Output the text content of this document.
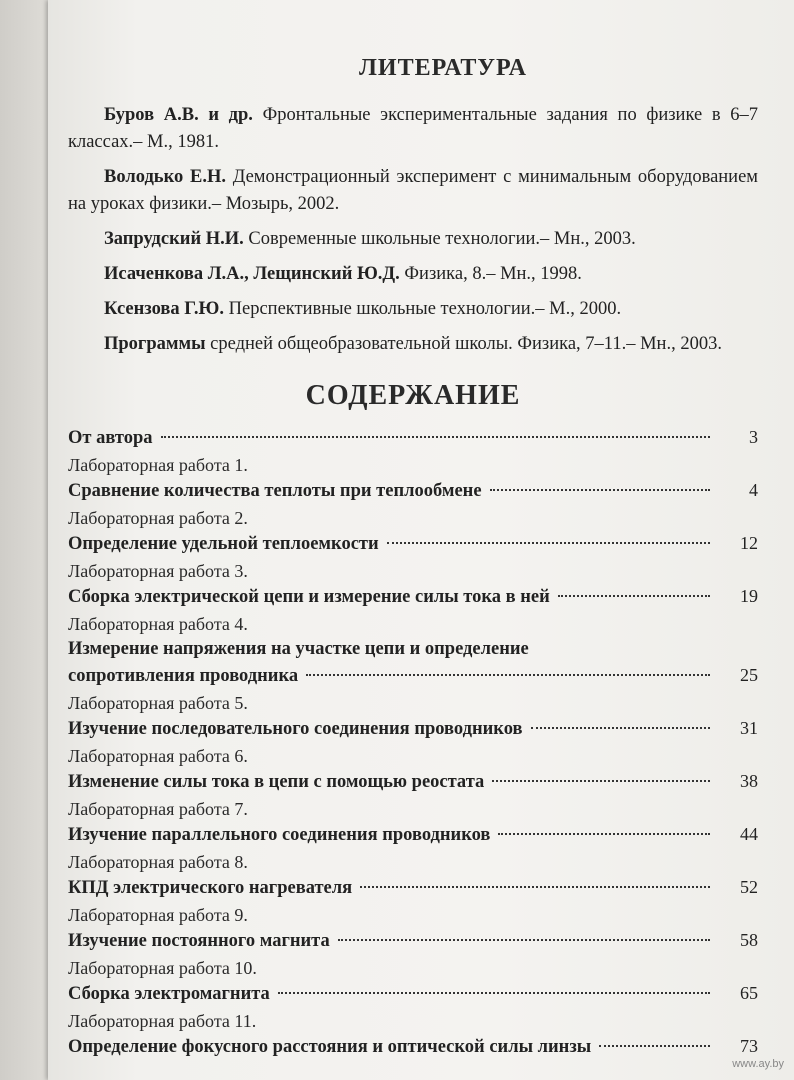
ЛИТЕРАТУРА

Буров А.В. и др. Фронтальные экспериментальные задания по физике в 6–7 классах.– М., 1981.

Володько Е.Н. Демонстрационный эксперимент с минимальным оборудованием на уроках физики.– Мозырь, 2002.

Запрудский Н.И. Современные школьные технологии.– Мн., 2003.

Исаченкова Л.А., Лещинский Ю.Д. Физика, 8.– Мн., 1998.

Ксензова Г.Ю. Перспективные школьные технологии.– М., 2000.

Программы средней общеобразовательной школы. Физика, 7–11.– Мн., 2003.

СОДЕРЖАНИЕ
От автора	3
Лабораторная работа 1.
Сравнение количества теплоты при теплообмене	4
Лабораторная работа 2.
Определение удельной теплоемкости	12
Лабораторная работа 3.
Сборка электрической цепи и измерение силы тока в ней	19
Лабораторная работа 4.
Измерение напряжения на участке цепи и определение
сопротивления проводника	25
Лабораторная работа 5.
Изучение последовательного соединения проводников	31
Лабораторная работа 6.
Изменение силы тока в цепи с помощью реостата	38
Лабораторная работа 7.
Изучение параллельного соединения проводников	44
Лабораторная работа 8.
КПД электрического нагревателя	52
Лабораторная работа 9.
Изучение постоянного магнита	58
Лабораторная работа 10.
Сборка электромагнита	65
Лабораторная работа 11.
Определение фокусного расстояния и оптической силы линзы	73
www.ay.by
